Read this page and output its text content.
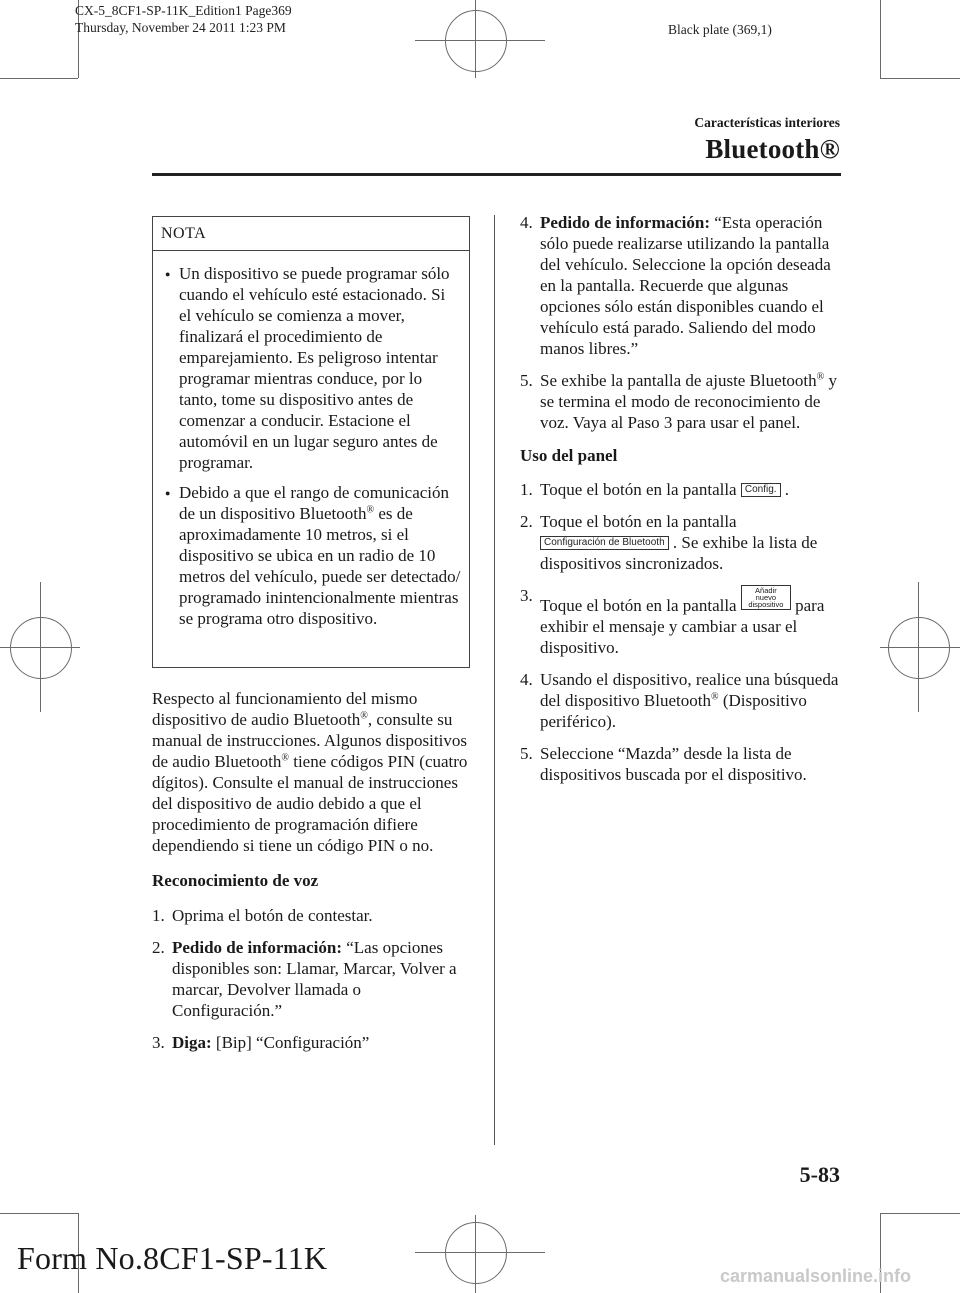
CX-5_8CF1-SP-11K_Edition1 Page369
Thursday, November 24 2011 1:23 PM	Black plate (369,1)
Características interiores
Bluetooth®
NOTA

● Un dispositivo se puede programar sólo cuando el vehículo esté estacionado. Si el vehículo se comienza a mover, finalizará el procedimiento de emparejamiento. Es peligroso intentar programar mientras conduce, por lo tanto, tome su dispositivo antes de comenzar a conducir. Estacione el automóvil en un lugar seguro antes de programar.

● Debido a que el rango de comunicación de un dispositivo Bluetooth® es de aproximadamente 10 metros, si el dispositivo se ubica en un radio de 10 metros del vehículo, puede ser detectado/ programado inintencionalmente mientras se programa otro dispositivo.

Respecto al funcionamiento del mismo dispositivo de audio Bluetooth®, consulte su manual de instrucciones. Algunos dispositivos de audio Bluetooth® tiene códigos PIN (cuatro dígitos). Consulte el manual de instrucciones del dispositivo de audio debido a que el procedimiento de programación difiere dependiendo si tiene un código PIN o no.

Reconocimiento de voz

1. Oprima el botón de contestar.

2. Pedido de información: “Las opciones disponibles son: Llamar, Marcar, Volver a marcar, Devolver llamada o Configuración.”

3. Diga: [Bip] “Configuración”

4. Pedido de información: “Esta operación sólo puede realizarse utilizando la pantalla del vehículo. Seleccione la opción deseada en la pantalla. Recuerde que algunas opciones sólo están disponibles cuando el vehículo está parado. Saliendo del modo manos libres.”

5. Se exhibe la pantalla de ajuste Bluetooth® y se termina el modo de reconocimiento de voz. Vaya al Paso 3 para usar el panel.

Uso del panel

1. Toque el botón en la pantalla Config. .

2. Toque el botón en la pantalla Configuración de Bluetooth . Se exhibe la lista de dispositivos sincronizados.

3.
Toque el botón en la pantalla Añadir nuevo
dispositivo para exhibir el mensaje y cambiar a usar el dispositivo.

4. Usando el dispositivo, realice una búsqueda del dispositivo Bluetooth® (Dispositivo periférico).

5. Seleccione “Mazda” desde la lista de dispositivos buscada por el dispositivo.

5-83
Form No.8CF1-SP-11K	carmanualsonline.info
